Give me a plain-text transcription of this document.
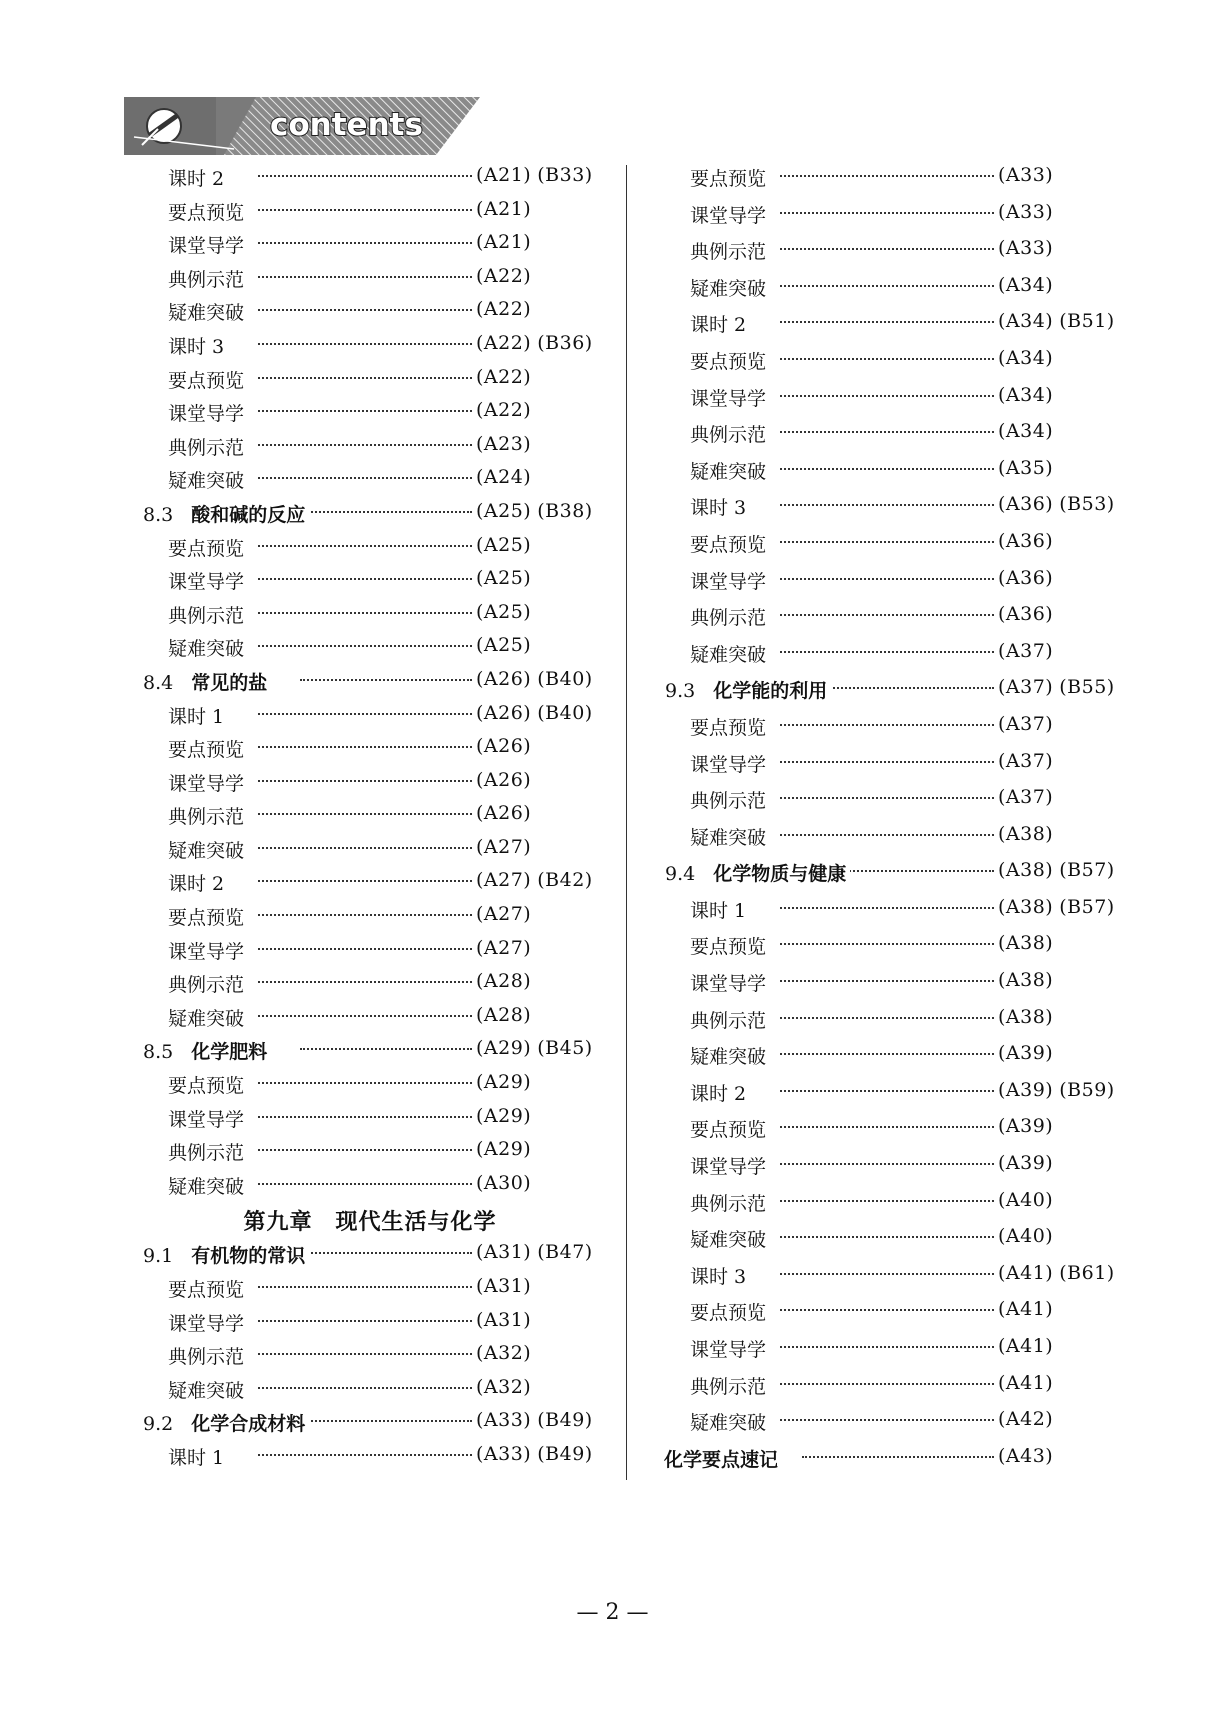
contents
课时 2	(A21) (B33)
要点预览	(A21)
课堂导学	(A21)
典例示范	(A22)
疑难突破	(A22)
课时 3	(A22) (B36)
要点预览	(A22)
课堂导学	(A22)
典例示范	(A23)
疑难突破	(A24)
8.3 酸和碱的反应	(A25) (B38)
要点预览	(A25)
课堂导学	(A25)
典例示范	(A25)
疑难突破	(A25)
8.4 常见的盐	(A26) (B40)
课时 1	(A26) (B40)
要点预览	(A26)
课堂导学	(A26)
典例示范	(A26)
疑难突破	(A27)
课时 2	(A27) (B42)
要点预览	(A27)
课堂导学	(A27)
典例示范	(A28)
疑难突破	(A28)
8.5 化学肥料	(A29) (B45)
要点预览	(A29)
课堂导学	(A29)
典例示范	(A29)
疑难突破	(A30)
第九章　现代生活与化学
9.1 有机物的常识	(A31) (B47)
要点预览	(A31)
课堂导学	(A31)
典例示范	(A32)
疑难突破	(A32)
9.2 化学合成材料	(A33) (B49)
课时 1	(A33) (B49)
要点预览	(A33)
课堂导学	(A33)
典例示范	(A33)
疑难突破	(A34)
课时 2	(A34) (B51)
要点预览	(A34)
课堂导学	(A34)
典例示范	(A34)
疑难突破	(A35)
课时 3	(A36) (B53)
要点预览	(A36)
课堂导学	(A36)
典例示范	(A36)
疑难突破	(A37)
9.3 化学能的利用	(A37) (B55)
要点预览	(A37)
课堂导学	(A37)
典例示范	(A37)
疑难突破	(A38)
9.4 化学物质与健康	(A38) (B57)
课时 1	(A38) (B57)
要点预览	(A38)
课堂导学	(A38)
典例示范	(A38)
疑难突破	(A39)
课时 2	(A39) (B59)
要点预览	(A39)
课堂导学	(A39)
典例示范	(A40)
疑难突破	(A40)
课时 3	(A41) (B61)
要点预览	(A41)
课堂导学	(A41)
典例示范	(A41)
疑难突破	(A42)
化学要点速记	(A43)
— 2 —
